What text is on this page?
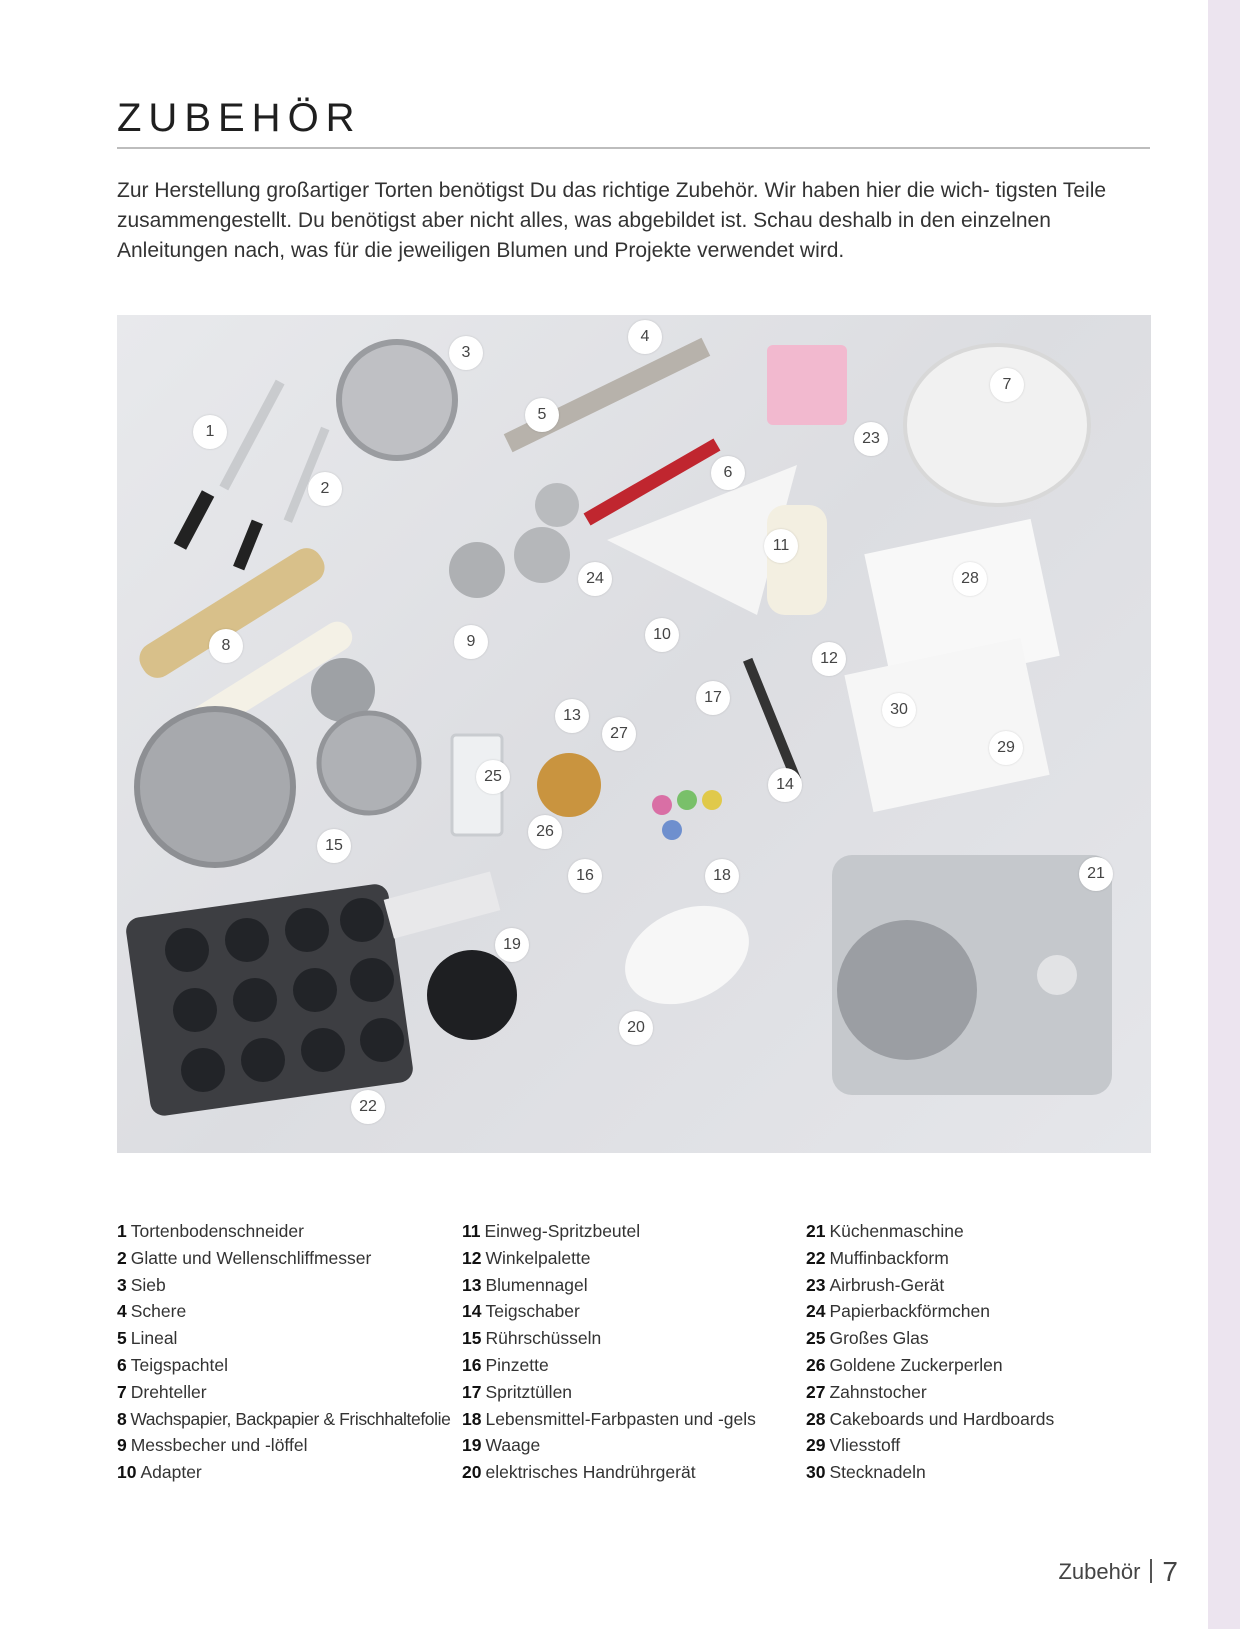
ZUBEHÖR

Zur Herstellung großartiger Torten benötigst Du das richtige Zubehör. Wir haben hier die wich- tigsten Teile zusammengestellt. Du benötigst aber nicht alles, was abgebildet ist. Schau deshalb in den einzelnen Anleitungen nach, was für die jeweiligen Blumen und Projekte verwendet wird.

1
2
3
4
5
6
7
8	9	10
11
12
13
14
15
16
17
18
19
20
21
22
23
24
25
26
27
28
29
30
1 Tortenbodenschneider
2 Glatte und Wellenschliffmesser
3 Sieb
4 Schere
5 Lineal
6 Teigspachtel
7 Drehteller
8 Wachspapier, Backpapier & Frischhaltefolie
9 Messbecher und -löffel
10 Adapter
11 Einweg-Spritzbeutel
12 Winkelpalette
13 Blumennagel
14 Teigschaber
15 Rührschüsseln
16 Pinzette
17 Spritztüllen
18 Lebensmittel-Farbpasten und -gels
19 Waage
20 elektrisches Handrührgerät
21 Küchenmaschine
22 Muffinbackform
23 Airbrush-Gerät
24 Papierbackförmchen
25 Großes Glas
26 Goldene Zuckerperlen
27 Zahnstocher
28 Cakeboards und Hardboards
29 Vliesstoff
30 Stecknadeln
Zubehör 7
